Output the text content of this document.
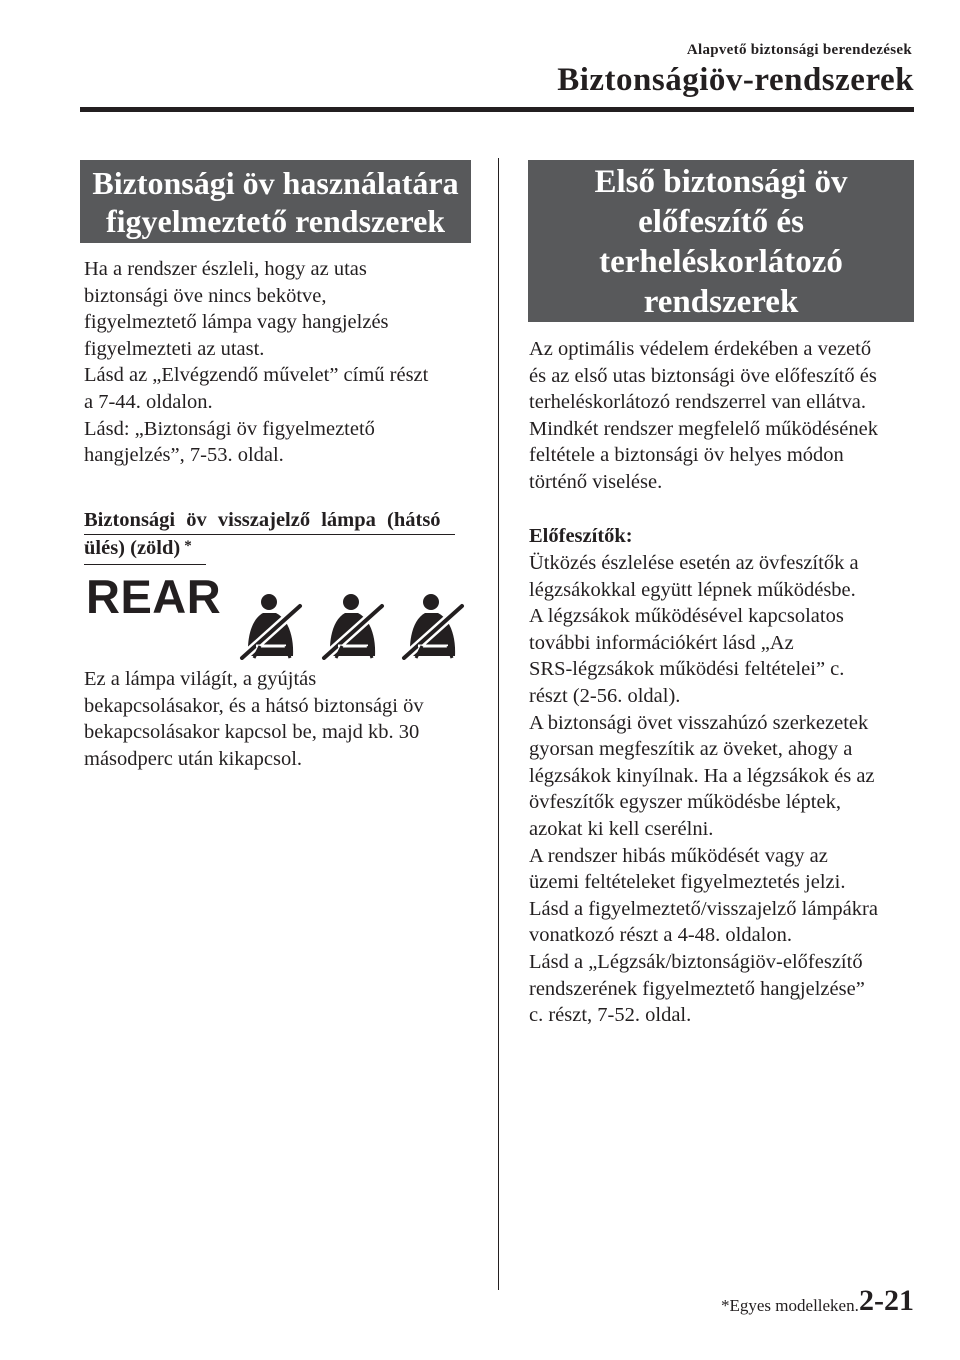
Alapvető biztonsági berendezések
Biztonságiöv-rendszerek
Biztonsági öv használatára
figyelmeztető rendszerek
Ha a rendszer észleli, hogy az utas
biztonsági öve nincs bekötve,
figyelmeztető lámpa vagy hangjelzés
figyelmezteti az utast.
Lásd az „Elvégzendő művelet” című részt
a 7-44. oldalon.
Lásd: „Biztonsági öv figyelmeztető
hangjelzés”, 7-53. oldal.
Biztonsági öv visszajelző lámpa (hátsó
ülés) (zöld) *
REAR
Ez a lámpa világít, a gyújtás
bekapcsolásakor, és a hátsó biztonsági öv
bekapcsolásakor kapcsol be, majd kb. 30
másodperc után kikapcsol.
Első biztonsági öv
előfeszítő és
terheléskorlátozó
rendszerek
Az optimális védelem érdekében a vezető
és az első utas biztonsági öve előfeszítő és
terheléskorlátozó rendszerrel van ellátva.
Mindkét rendszer megfelelő működésének
feltétele a biztonsági öv helyes módon
történő viselése.
Előfeszítők:
Ütközés észlelése esetén az övfeszítők a
légzsákokkal együtt lépnek működésbe.
A légzsákok működésével kapcsolatos
további információkért lásd „Az
SRS-légzsákok működési feltételei” c.
részt (2-56. oldal).
A biztonsági övet visszahúzó szerkezetek
gyorsan megfeszítik az öveket, ahogy a
légzsákok kinyílnak. Ha a légzsákok és az
övfeszítők egyszer működésbe léptek,
azokat ki kell cserélni.
A rendszer hibás működését vagy az
üzemi feltételeket figyelmeztetés jelzi.
Lásd a figyelmeztető/visszajelző lámpákra
vonatkozó részt a 4-48. oldalon.
Lásd a „Légzsák/biztonságiöv-előfeszítő
rendszerének figyelmeztető hangjelzése”
c. részt, 7-52. oldal.
*Egyes modelleken. 2-21
